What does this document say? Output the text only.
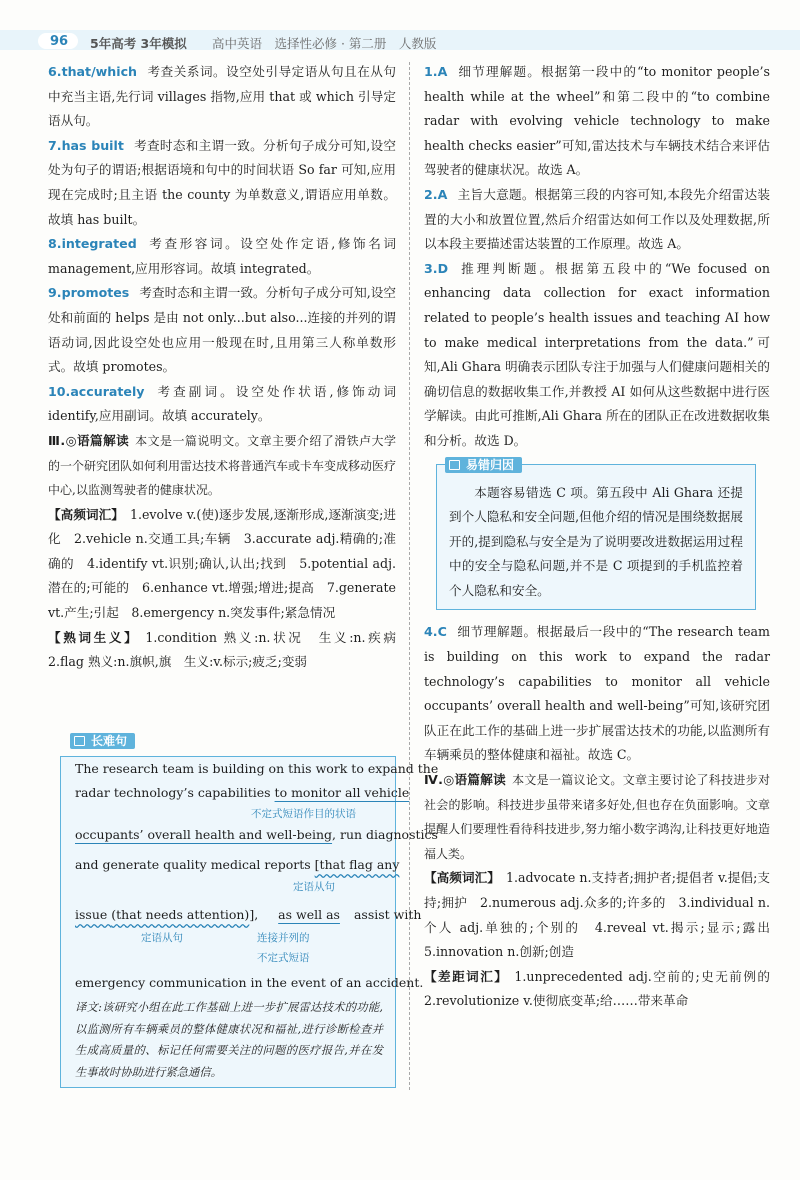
96	5年高考 3年模拟 高中英语　选择性必修 · 第二册　人教版

6.that/which 考查关系词。设空处引导定语从句且在从句中充当主语,先行词 villages 指物,应用 that 或 which 引导定语从句。

7.has built 考查时态和主谓一致。分析句子成分可知,设空处为句子的谓语;根据语境和句中的时间状语 So far 可知,应用现在完成时;且主语 the county 为单数意义,谓语应用单数。故填 has built。

8.integrated 考查形容词。设空处作定语,修饰名词 management,应用形容词。故填 integrated。

9.promotes 考查时态和主谓一致。分析句子成分可知,设空处和前面的 helps 是由 not only...but also...连接的并列的谓语动词,因此设空处也应用一般现在时,且用第三人称单数形式。故填 promotes。

10.accurately 考查副词。设空处作状语,修饰动词 identify,应用副词。故填 accurately。

Ⅲ.◎语篇解读 本文是一篇说明文。文章主要介绍了滑铁卢大学的一个研究团队如何利用雷达技术将普通汽车或卡车变成移动医疗中心,以监测驾驶者的健康状况。

【高频词汇】 1.evolve v.(使)逐步发展,逐渐形成,逐渐演变;进化　2.vehicle n.交通工具;车辆　3.accurate adj.精确的;准确的　4.identify vt.识别;确认,认出;找到　5.potential adj.潜在的;可能的　6.enhance vt.增强;增进;提高　7.generate vt.产生;引起　8.emergency n.突发事件;紧急情况

【熟词生义】 1.condition 熟义:n.状况　生义:n.疾病　2.flag 熟义:n.旗帜,旗　生义:v.标示;疲乏;变弱

长难句
The research team is building on this work to expand the
radar technology’s capabilities to monitor all vehicle
不定式短语作目的状语
occupants’ overall health and well-being, run diagnostics
and generate quality medical reports [that flag any
定语从句
issue (that needs attention)], as well as assist with
定语从句	连接并列的
不定式短语
emergency communication in the event of an accident.
译文:该研究小组在此工作基础上进一步扩展雷达技术的功能,以监测所有车辆乘员的整体健康状况和福祉,进行诊断检查并生成高质量的、标记任何需要关注的问题的医疗报告,并在发生事故时协助进行紧急通信。

1.A 细节理解题。根据第一段中的“to monitor people’s health while at the wheel”和第二段中的“to combine radar with evolving vehicle technology to make health checks easier”可知,雷达技术与车辆技术结合来评估驾驶者的健康状况。故选 A。

2.A 主旨大意题。根据第三段的内容可知,本段先介绍雷达装置的大小和放置位置,然后介绍雷达如何工作以及处理数据,所以本段主要描述雷达装置的工作原理。故选 A。

3.D 推理判断题。根据第五段中的“We focused on enhancing data collection for exact information related to people’s health issues and teaching AI how to make medical interpretations from the data.”可知,Ali Ghara 明确表示团队专注于加强与人们健康问题相关的确切信息的数据收集工作,并教授 AI 如何从这些数据中进行医学解读。由此可推断,Ali Ghara 所在的团队正在改进数据收集和分析。故选 D。

易错归因

本题容易错选 C 项。第五段中 Ali Ghara 还提到个人隐私和安全问题,但他介绍的情况是围绕数据展开的,提到隐私与安全是为了说明要改进数据运用过程中的安全与隐私问题,并不是 C 项提到的手机监控着个人隐私和安全。

4.C 细节理解题。根据最后一段中的“The research team is building on this work to expand the radar technology’s capabilities to monitor all vehicle occupants’ overall health and well-being”可知,该研究团队正在此工作的基础上进一步扩展雷达技术的功能,以监测所有车辆乘员的整体健康和福祉。故选 C。

Ⅳ.◎语篇解读 本文是一篇议论文。文章主要讨论了科技进步对社会的影响。科技进步虽带来诸多好处,但也存在负面影响。文章提醒人们要理性看待科技进步,努力缩小数字鸿沟,让科技更好地造福人类。

【高频词汇】 1.advocate n.支持者;拥护者;提倡者 v.提倡;支持;拥护　2.numerous adj.众多的;许多的　3.individual n.个人 adj.单独的;个别的　4.reveal vt.揭示;显示;露出　5.innovation n.创新;创造

【差距词汇】 1.unprecedented adj.空前的;史无前例的　2.revolutionize v.使彻底变革;给……带来革命
